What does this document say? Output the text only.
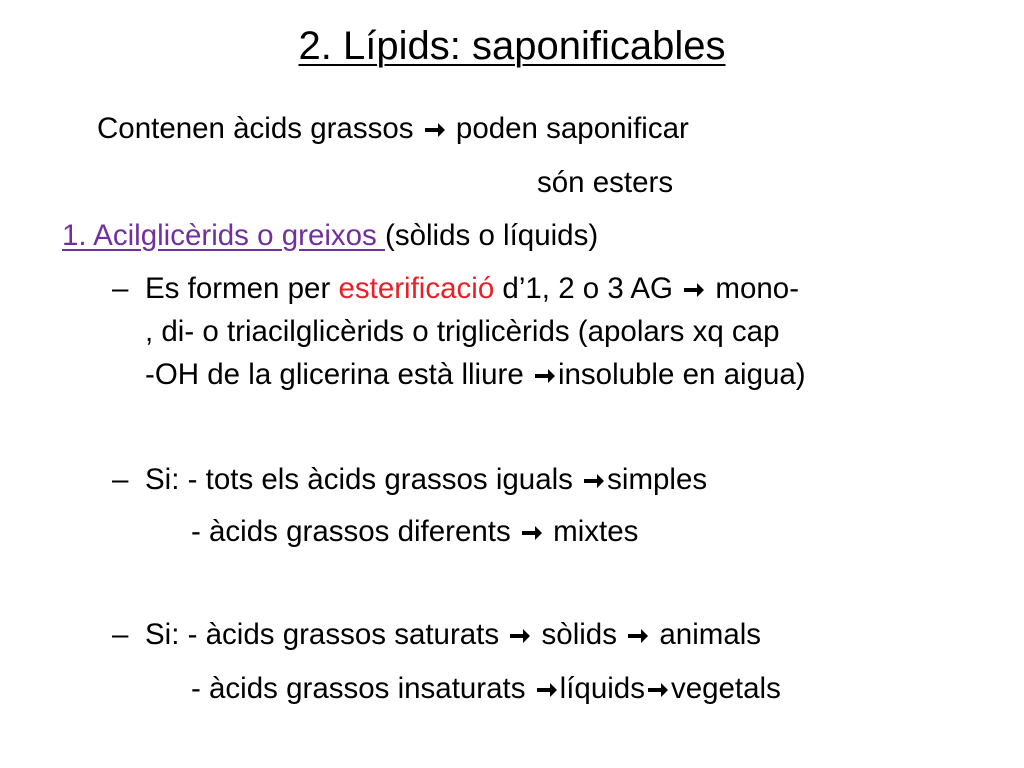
2. Lípids: saponificables
Contenen àcids grassos poden saponificar
són esters
1. Acilglicèrids o greixos (sòlids o líquids)
– Es formen per esterificació d’1, 2 o 3 AG mono-
, di- o triacilglicèrids o triglicèrids (apolars xq cap
-OH de la glicerina està lliure insoluble en aigua)
– Si: - tots els àcids grassos iguals simples
- àcids grassos diferents mixtes
– Si: - àcids grassos saturats sòlids animals
- àcids grassos insaturats líquids vegetals
